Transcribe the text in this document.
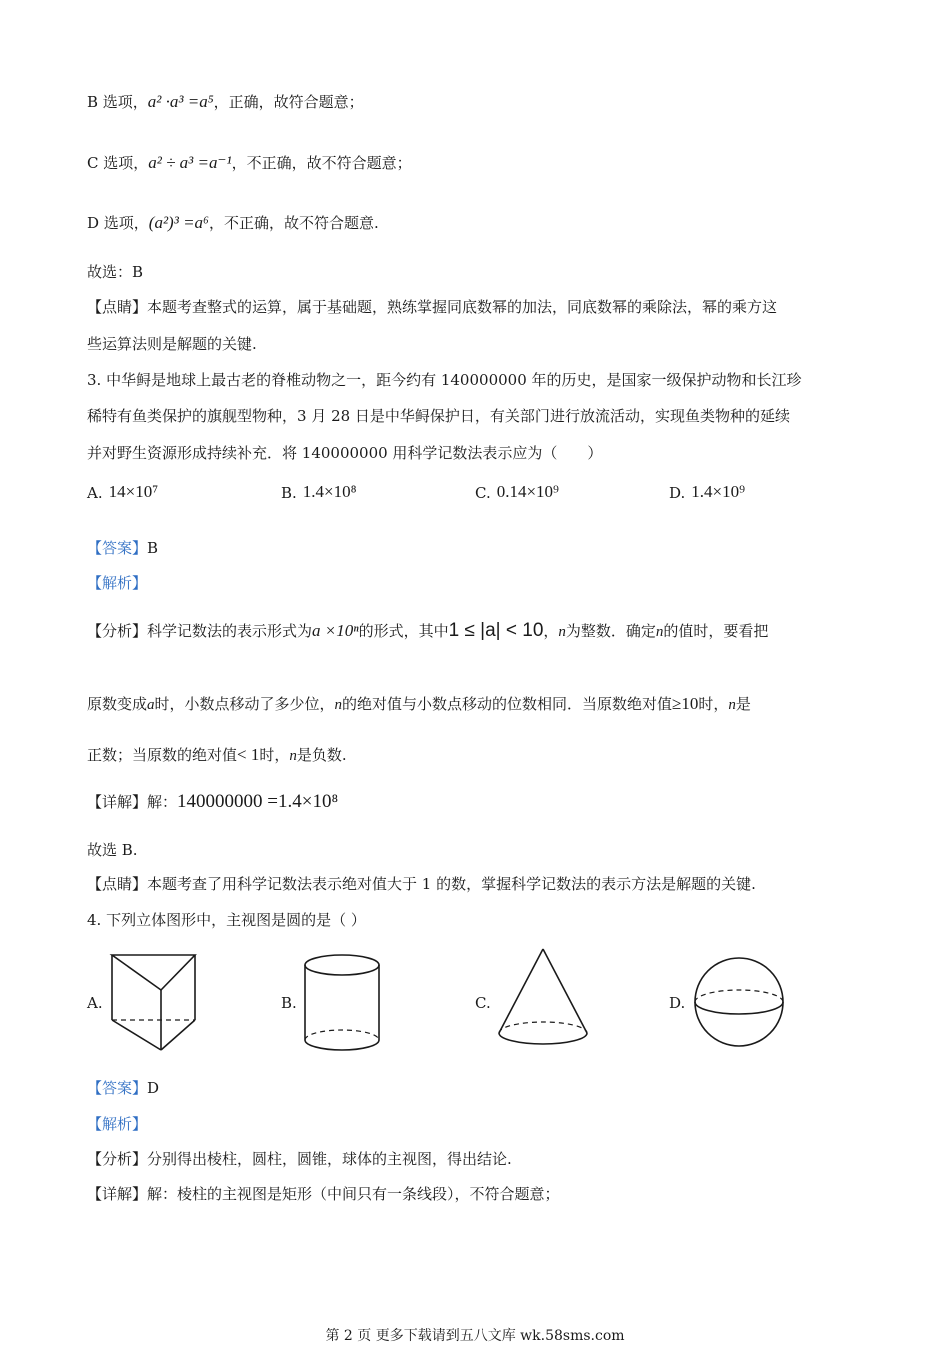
B 选项，a² ·a³ =a⁵，正确，故符合题意；
C 选项，a² ÷ a³ =a⁻¹，不正确，故不符合题意；
D 选项，(a²)³ =a⁶，不正确，故不符合题意.
故选：B
【点睛】本题考查整式的运算，属于基础题，熟练掌握同底数幂的加法，同底数幂的乘除法，幂的乘方这
些运算法则是解题的关键.
3. 中华鲟是地球上最古老的脊椎动物之一，距今约有 140000000 年的历史，是国家一级保护动物和长江珍
稀特有鱼类保护的旗舰型物种，3 月 28 日是中华鲟保护日，有关部门进行放流活动，实现鱼类物种的延续
并对野生资源形成持续补充．将 140000000 用科学记数法表示应为（　　）
A. 14×10⁷	B. 1.4×10⁸	C. 0.14×10⁹	D. 1.4×10⁹
【答案】B
【解析】
【分析】科学记数法的表示形式为a ×10ⁿ的形式，其中1 ≤ |a| < 10，n为整数．确定n的值时，要看把
原数变成a时，小数点移动了多少位，n的绝对值与小数点移动的位数相同．当原数绝对值≥10时，n是
正数；当原数的绝对值< 1时，n是负数.
【详解】解：140000000 =1.4×10⁸
故选 B.
【点睛】本题考查了用科学记数法表示绝对值大于 1 的数，掌握科学记数法的表示方法是解题的关键.
4. 下列立体图形中，主视图是圆的是（ ）
A.	B.	C.	D.
【答案】D
【解析】
【分析】分别得出棱柱，圆柱，圆锥，球体的主视图，得出结论.
【详解】解：棱柱的主视图是矩形（中间只有一条线段），不符合题意；
第 2 页 更多下载请到五八文库 wk.58sms.com
